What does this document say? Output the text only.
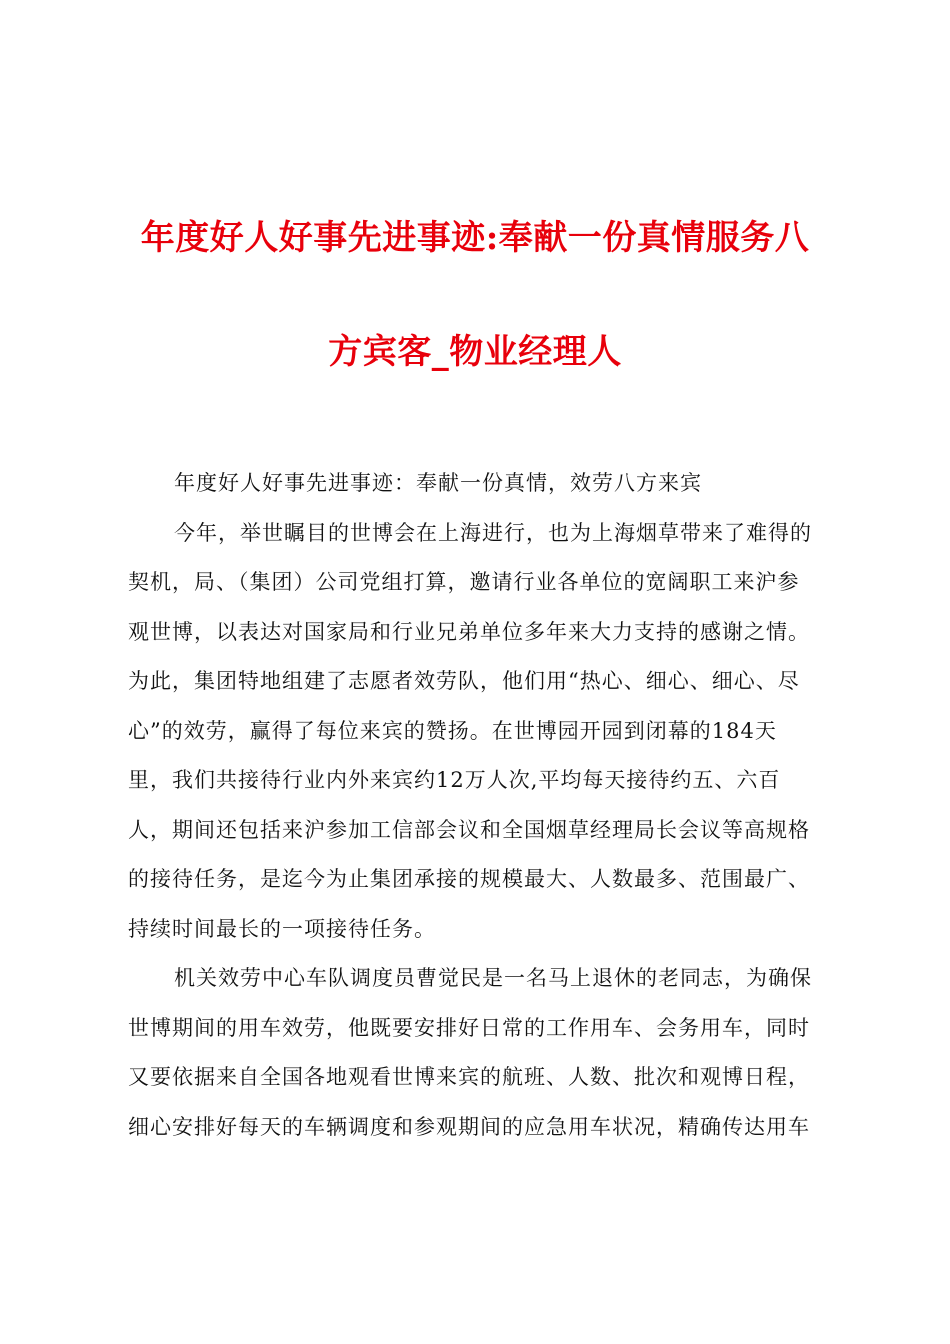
年度好人好事先进事迹:奉献一份真情服务八
方宾客_物业经理人
年度好人好事先进事迹：奉献一份真情，效劳八方来宾
今年，举世瞩目的世博会在上海进行，也为上海烟草带来了难得的
契机，局、（集团）公司党组打算，邀请行业各单位的宽阔职工来沪参
观世博，以表达对国家局和行业兄弟单位多年来大力支持的感谢之情。
为此，集团特地组建了志愿者效劳队，他们用“热心、细心、细心、尽
心”的效劳，赢得了每位来宾的赞扬。在世博园开园到闭幕的184天
里，我们共接待行业内外来宾约12万人次,平均每天接待约五、六百
人，期间还包括来沪参加工信部会议和全国烟草经理局长会议等高规格
的接待任务，是迄今为止集团承接的规模最大、人数最多、范围最广、
持续时间最长的一项接待任务。
机关效劳中心车队调度员曹觉民是一名马上退休的老同志，为确保
世博期间的用车效劳，他既要安排好日常的工作用车、会务用车，同时
又要依据来自全国各地观看世博来宾的航班、人数、批次和观博日程，
细心安排好每天的车辆调度和参观期间的应急用车状况，精确传达用车
